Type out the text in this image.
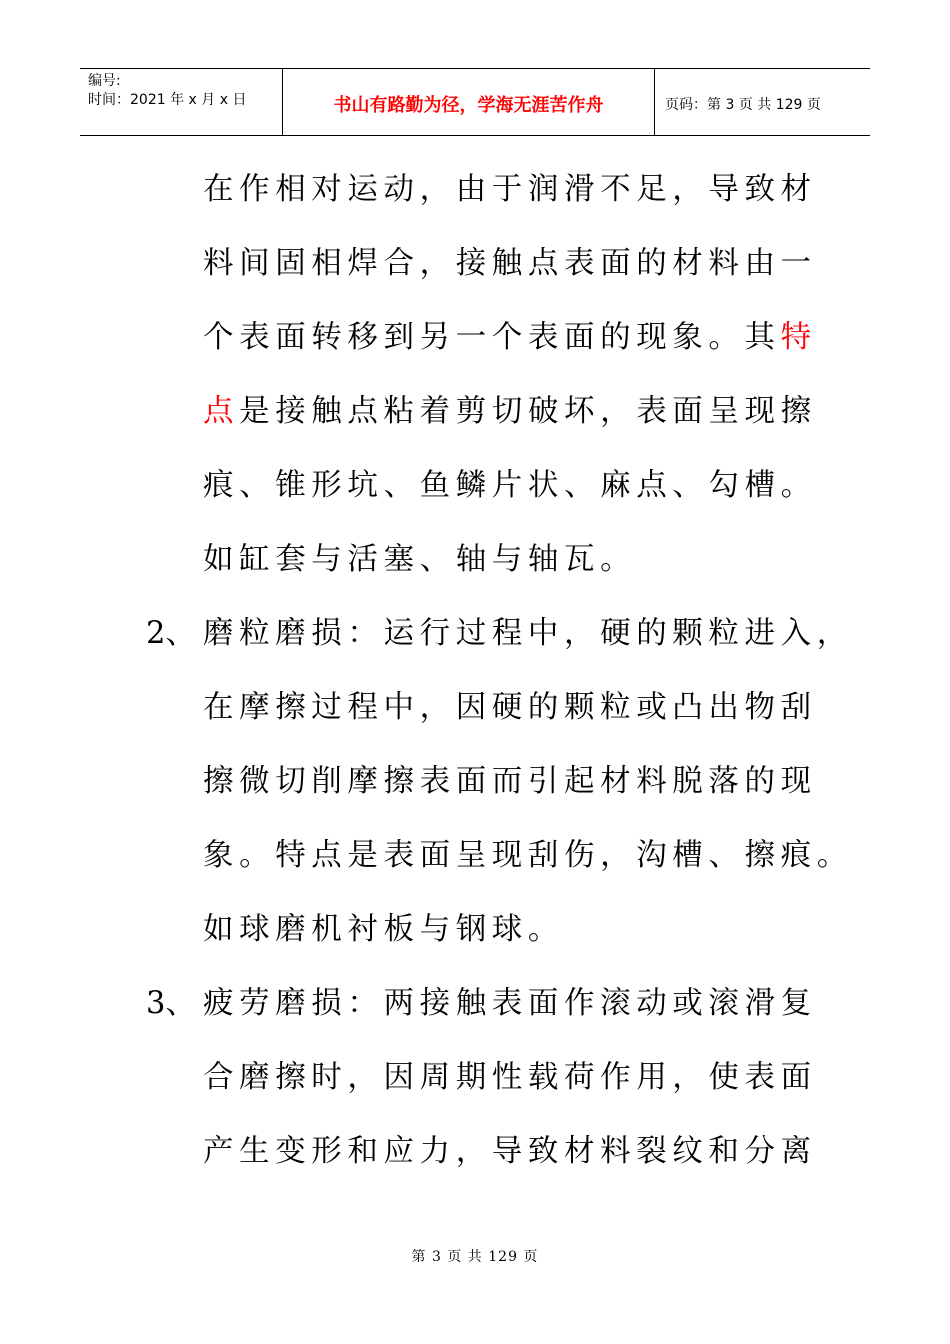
编号:
时间：2021 年 x 月 x 日	书山有路勤为径，学海无涯苦作舟	页码：第 3 页 共 129 页
在作相对运动，由于润滑不足，导致材
料间固相焊合，接触点表面的材料由一
个表面转移到另一个表面的现象。其特
点是接触点粘着剪切破坏，表面呈现擦
痕、锥形坑、鱼鳞片状、麻点、勾槽。
如缸套与活塞、轴与轴瓦。
2、 磨粒磨损：运行过程中，硬的颗粒进入，
在摩擦过程中，因硬的颗粒或凸出物刮
擦微切削摩擦表面而引起材料脱落的现
象。特点是表面呈现刮伤，沟槽、擦痕。
如球磨机衬板与钢球。
3、 疲劳磨损：两接触表面作滚动或滚滑复
合磨擦时，因周期性载荷作用，使表面
产生变形和应力，导致材料裂纹和分离
第 3 页 共 129 页
